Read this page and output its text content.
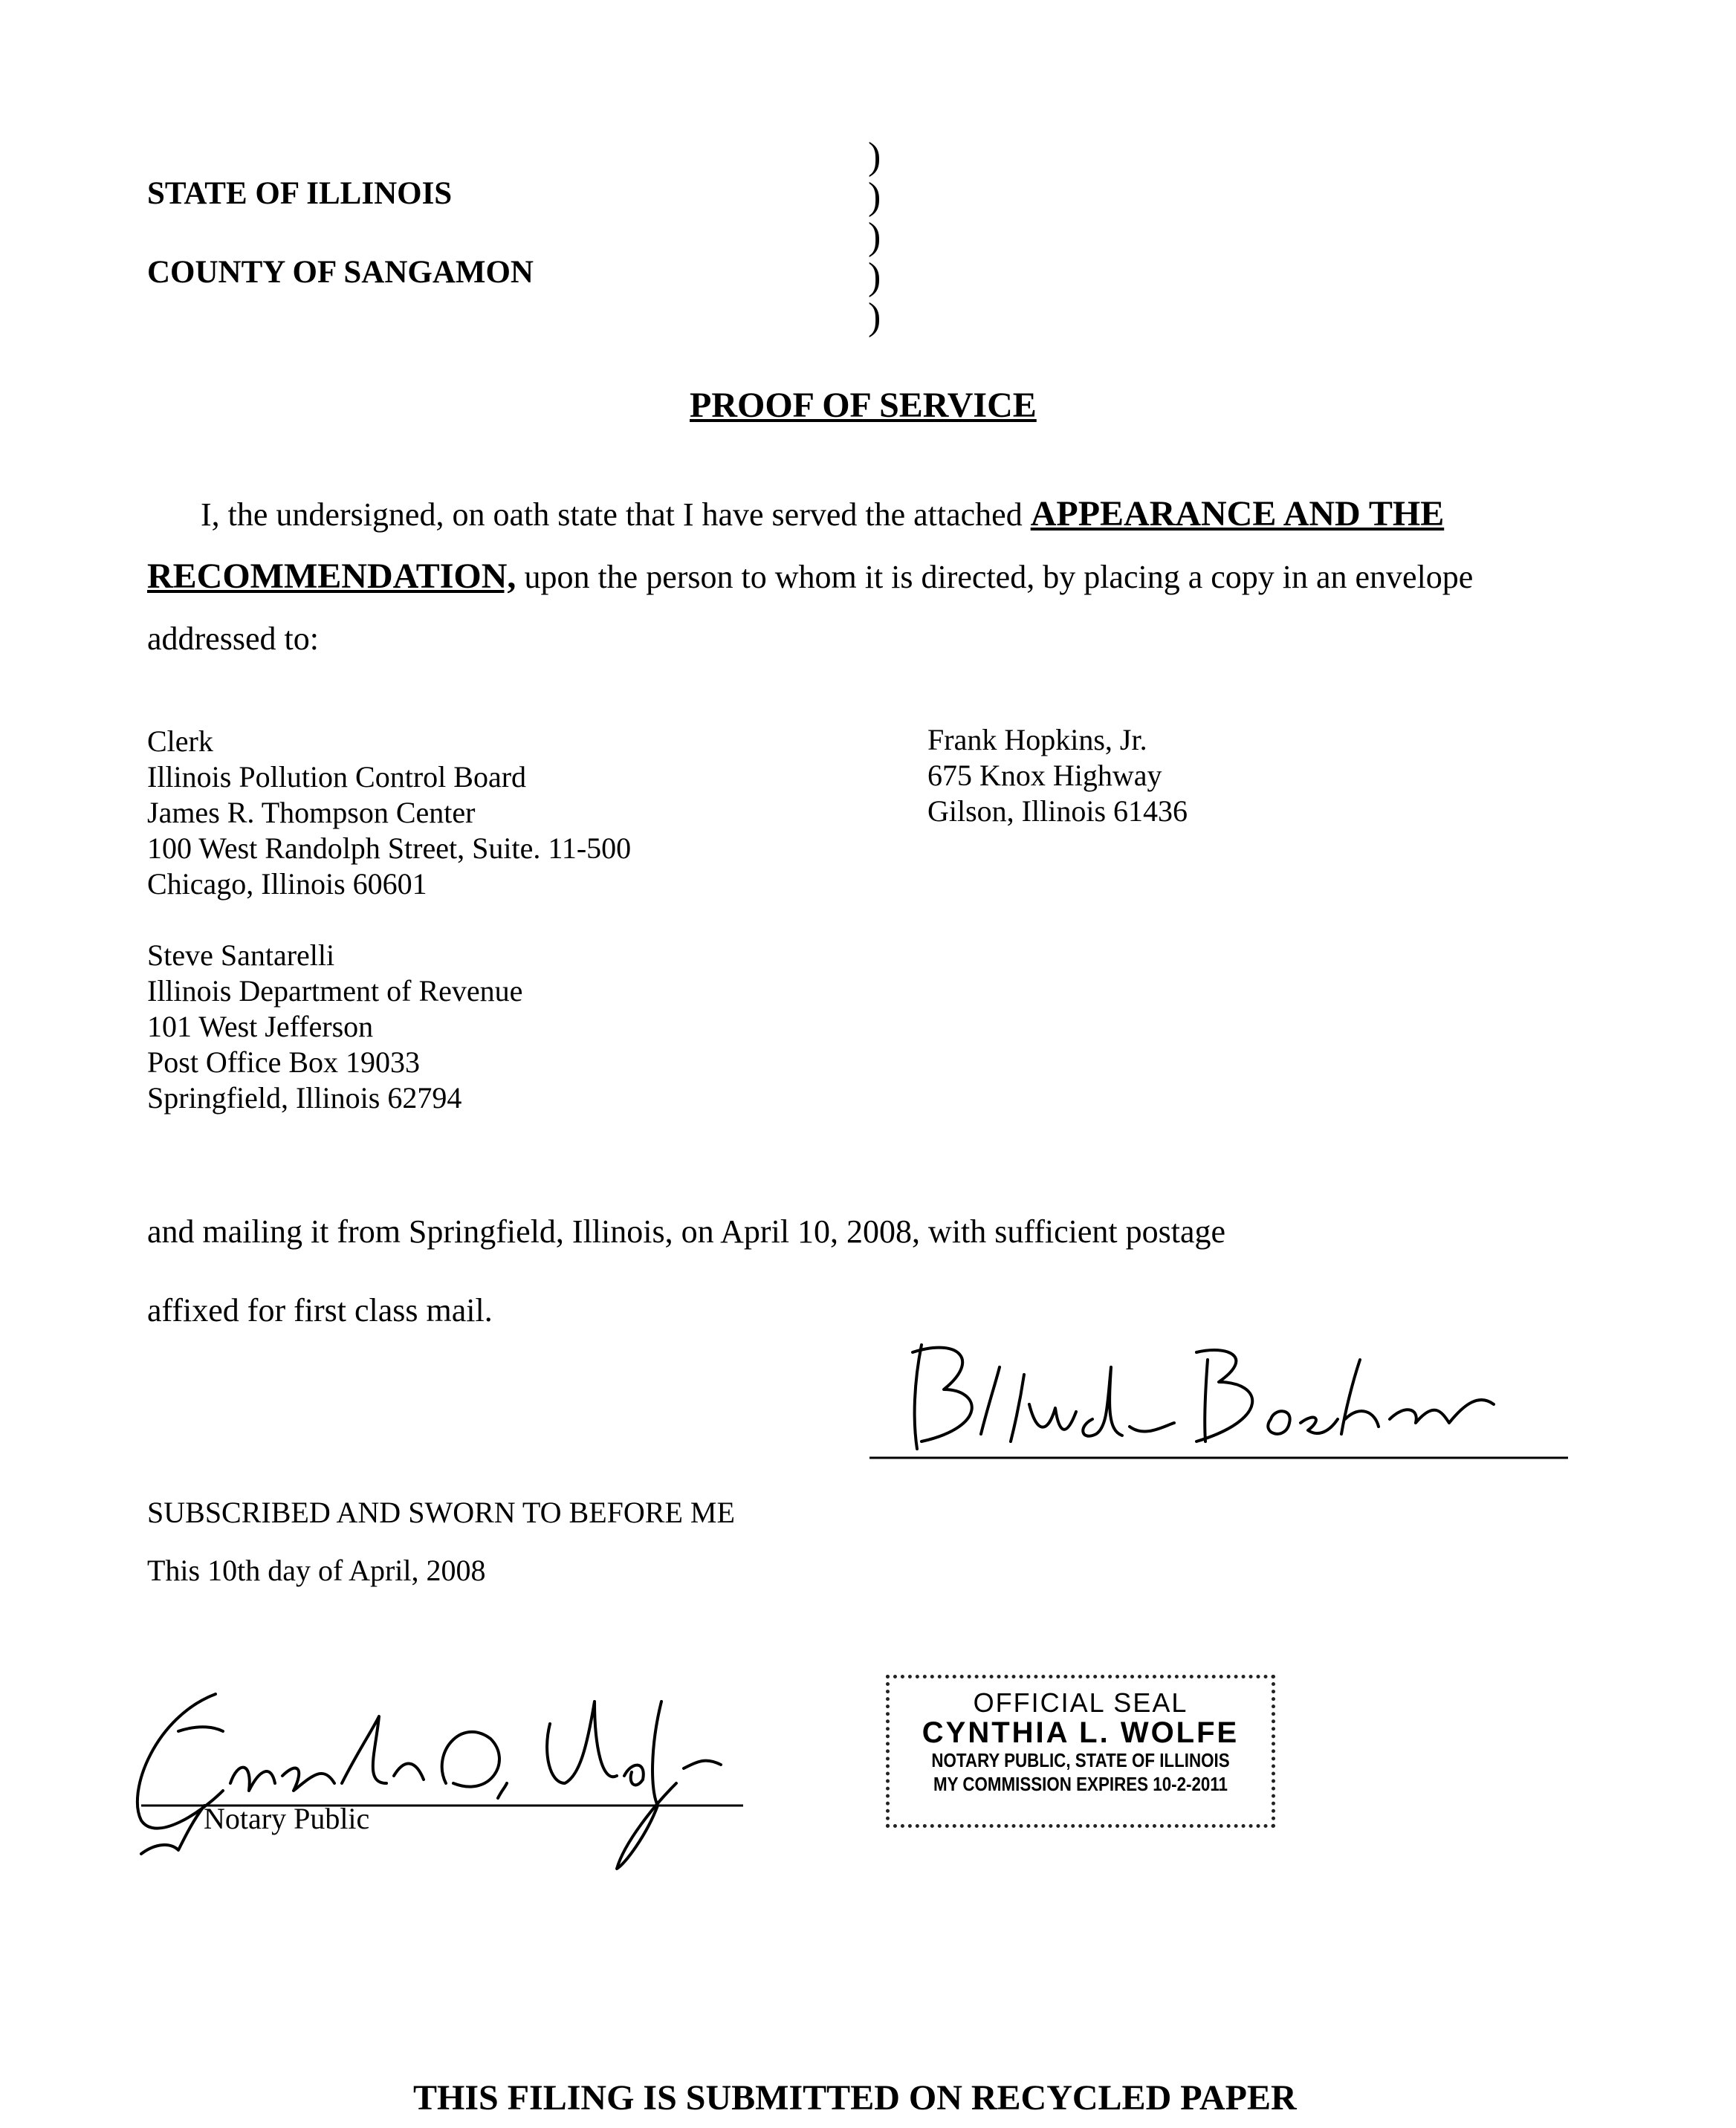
STATE OF ILLINOIS
COUNTY OF SANGAMON
)
)
)
)
)
PROOF OF SERVICE
I, the undersigned, on oath state that I have served the attached APPEARANCE AND THE
RECOMMENDATION, upon the person to whom it is directed, by placing a copy in an envelope
addressed to:
Clerk
Illinois Pollution Control Board
James R. Thompson Center
100 West Randolph Street, Suite. 11-500
Chicago, Illinois 60601
Frank Hopkins, Jr.
675 Knox Highway
Gilson, Illinois 61436
Steve Santarelli
Illinois Department of Revenue
101 West Jefferson
Post Office Box 19033
Springfield, Illinois 62794
and mailing it from Springfield, Illinois, on April 10, 2008, with sufficient postage
affixed for first class mail.
SUBSCRIBED AND SWORN TO BEFORE ME
This 10th day of April, 2008
Notary Public
OFFICIAL SEAL
CYNTHIA L. WOLFE
NOTARY PUBLIC, STATE OF ILLINOIS
MY COMMISSION EXPIRES 10-2-2011
THIS FILING IS SUBMITTED ON RECYCLED PAPER
